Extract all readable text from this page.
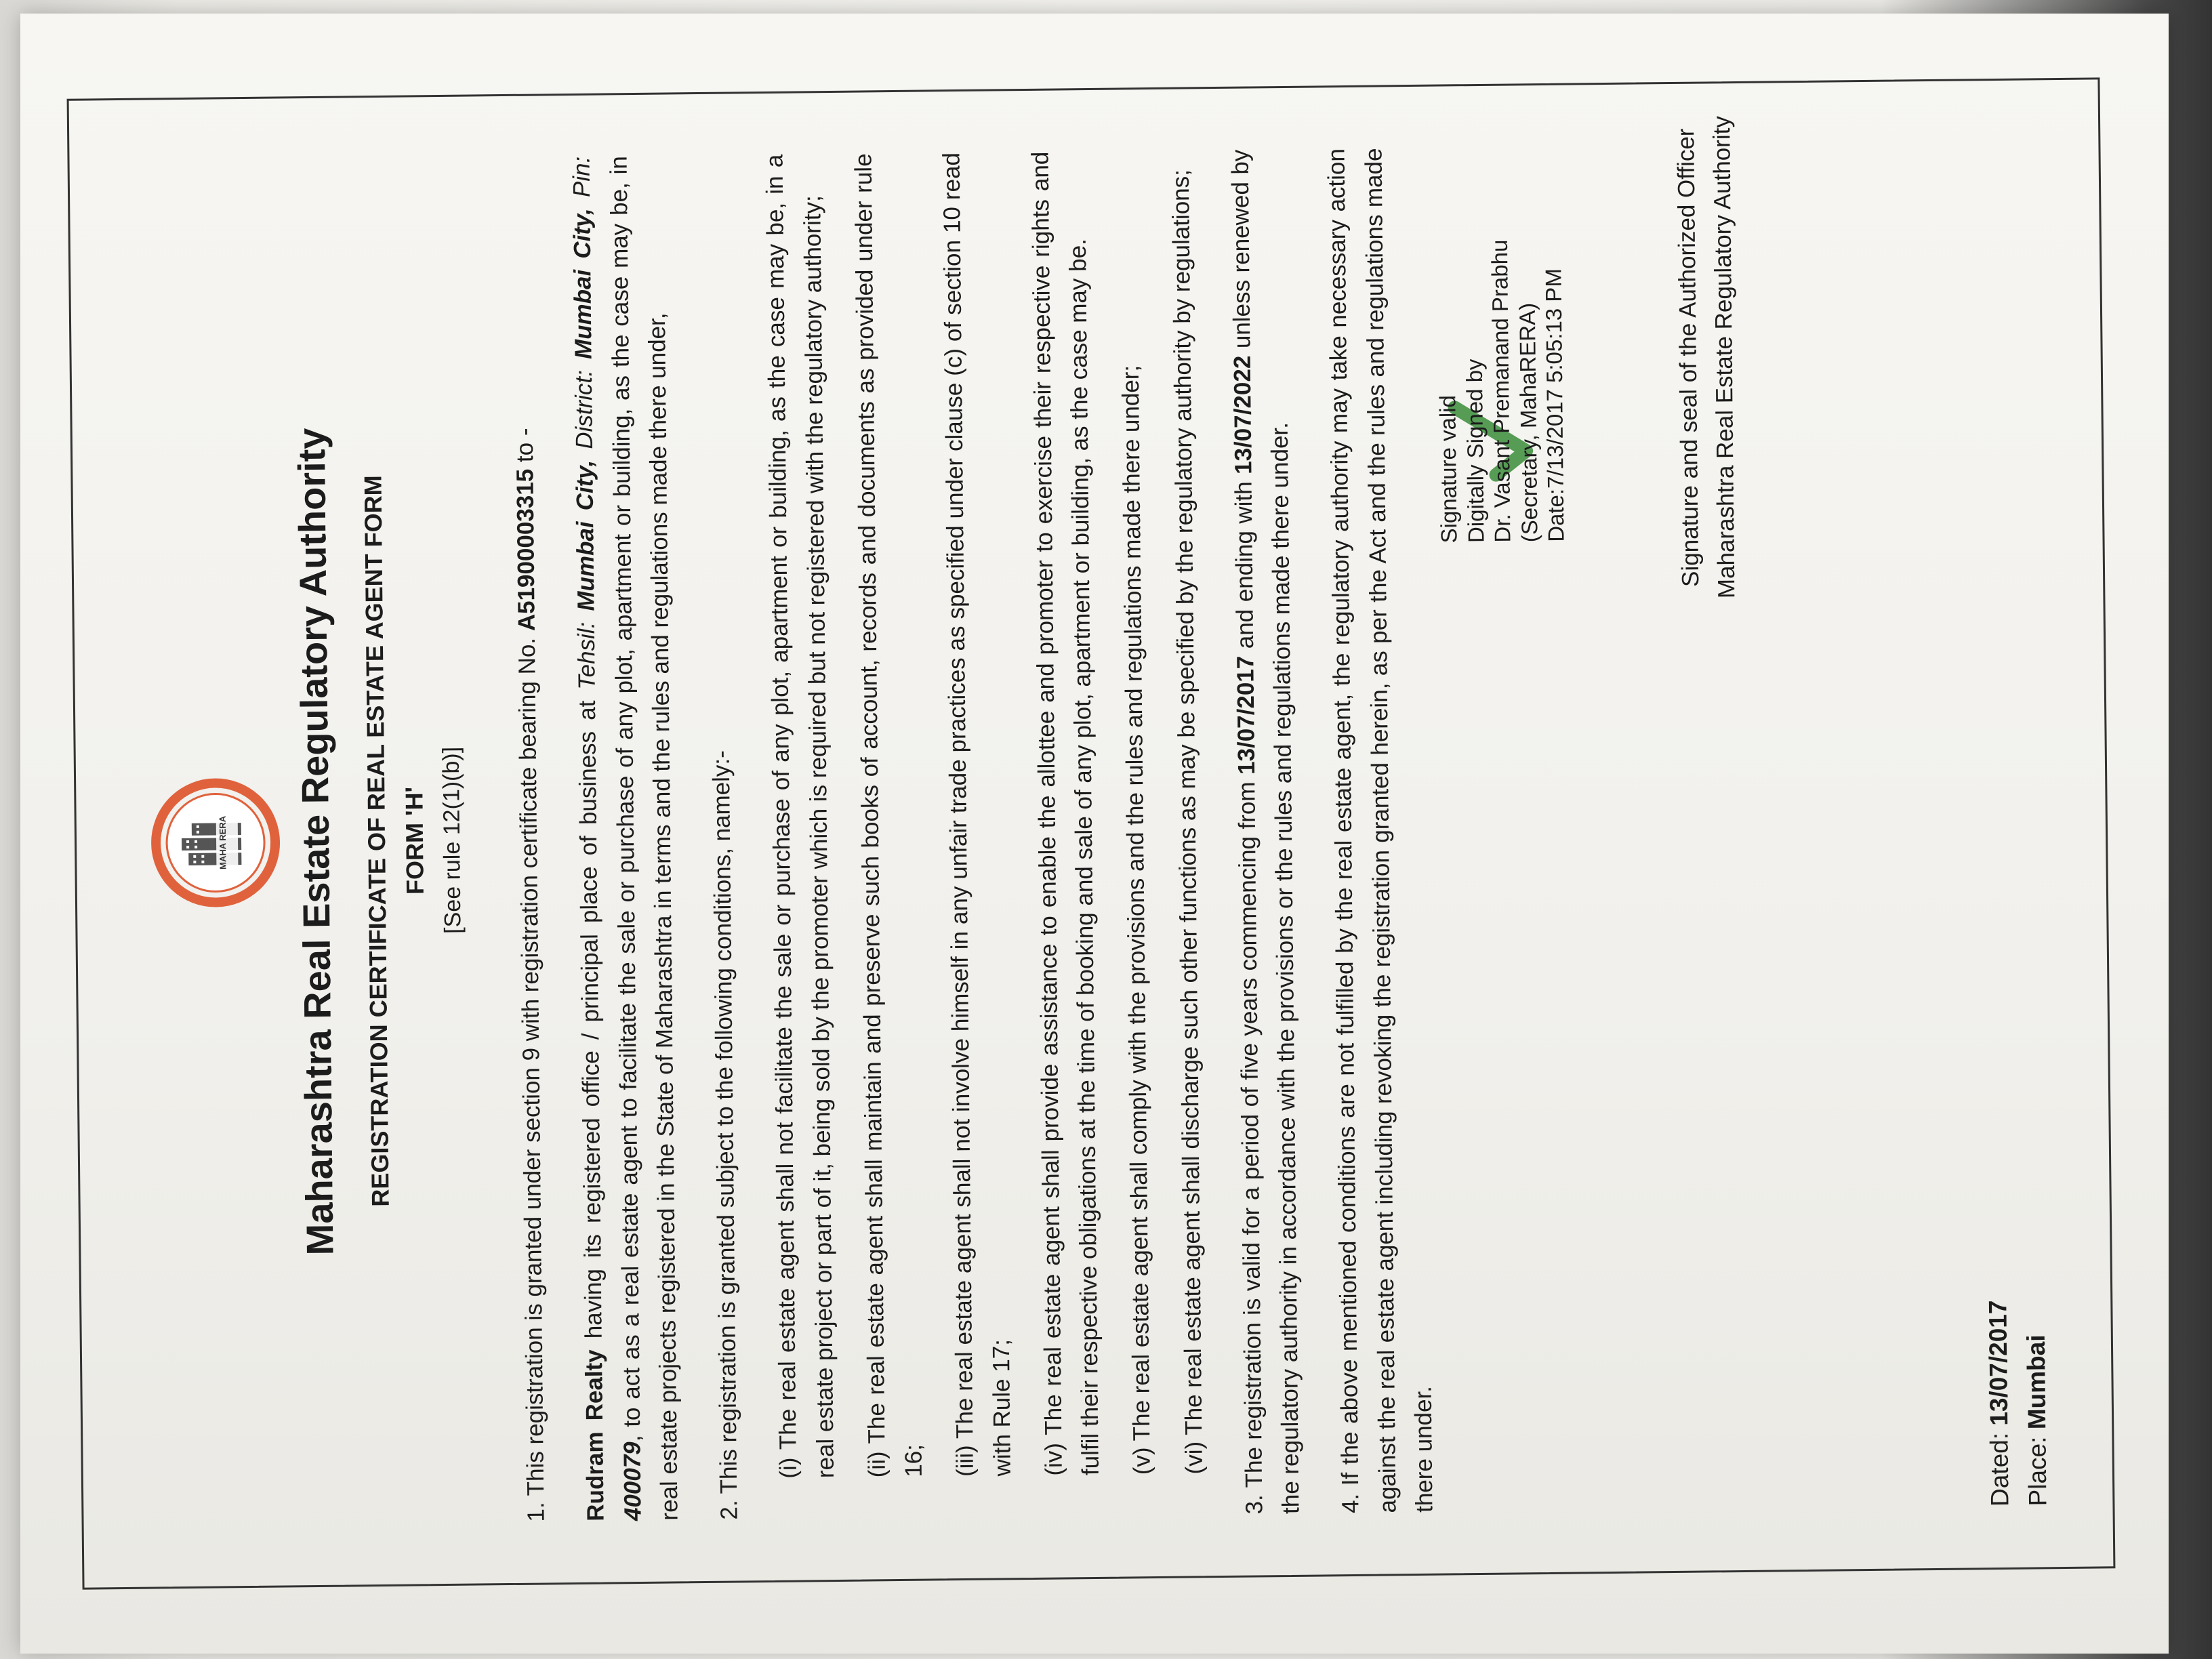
MAHA RERA Maharashtra Real Estate Regulatory Authority REGISTRATION CERTIFICATE OF REAL ESTATE AGENT FORM FORM 'H' [See rule 12(1)(b)]	1. This registration is granted under section 9 with registration certificate bearing No. A51900003315 to -

Rudram Realty having its registered office / principal place of business at Tehsil: Mumbai City, District: Mumbai City, Pin: 400079, to act as a real estate agent to facilitate the sale or purchase of any plot, apartment or building, as the case may be, in real estate projects registered in the State of Maharashtra in terms and the rules and regulations made there under,	2. This registration is granted subject to the following conditions, namely:- (i) The real estate agent shall not facilitate the sale or purchase of any plot, apartment or building, as the case may be, in a real estate project or part of it, being sold by the promoter which is required but not registered with the regulatory authority; (ii) The real estate agent shall maintain and preserve such books of account, records and documents as provided under rule 16; (iii) The real estate agent shall not involve himself in any unfair trade practices as specified under clause (c) of section 10 read with Rule 17; (iv) The real estate agent shall provide assistance to enable the allottee and promoter to exercise their respective rights and fulfil their respective obligations at the time of booking and sale of any plot, apartment or building, as the case may be. (v) The real estate agent shall comply with the provisions and the rules and regulations made there under; (vi) The real estate agent shall discharge such other functions as may be specified by the regulatory authority by regulations;	3. The registration is valid for a period of five years commencing from 13/07/2017 and ending with 13/07/2022 unless renewed by the regulatory authority in accordance with the provisions or the rules and regulations made there under. 4. If the above mentioned conditions are not fulfilled by the real estate agent, the regulatory authority may take necessary action against the real estate agent including revoking the registration granted herein, as per the Act and the rules and regulations made there under.

Signature valid Digitally Signed by
Dr. Vasant Premanand Prabhu
(Secretary, MahaRERA)
Date:7/13/2017 5:05:13 PM	Signature and seal of the Authorized Officer Maharashtra Real Estate Regulatory Authority
Dated: 13/07/2017
Place: Mumbai
